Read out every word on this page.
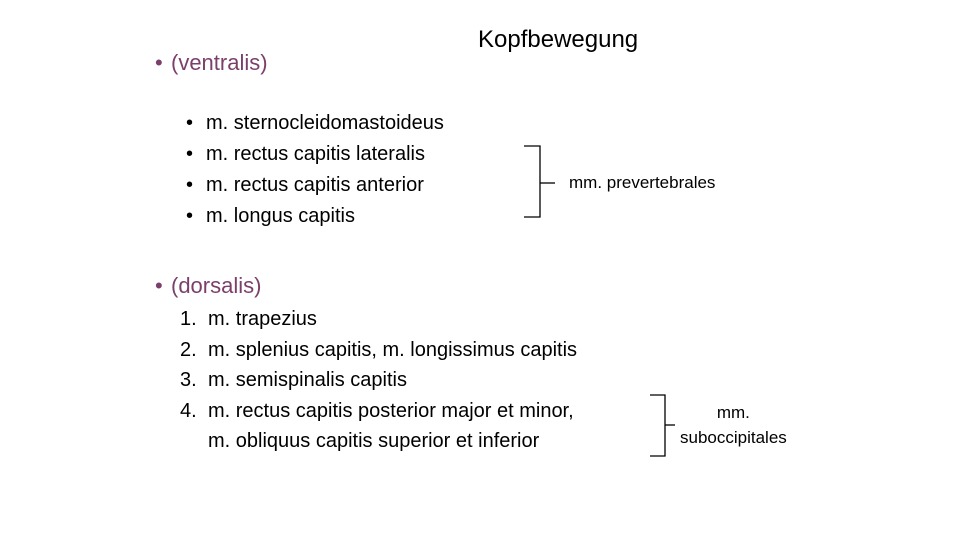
Kopfbewegung
• (ventralis)
• m. sternocleidomastoideus
• m. rectus capitis lateralis
• m. rectus capitis anterior
• m. longus capitis
mm. prevertebrales
• (dorsalis)
1. m. trapezius
2. m. splenius capitis, m. longissimus capitis
3. m. semispinalis capitis
4. m. rectus capitis posterior major et minor,
m. obliquus capitis superior et inferior
mm.
suboccipitales
